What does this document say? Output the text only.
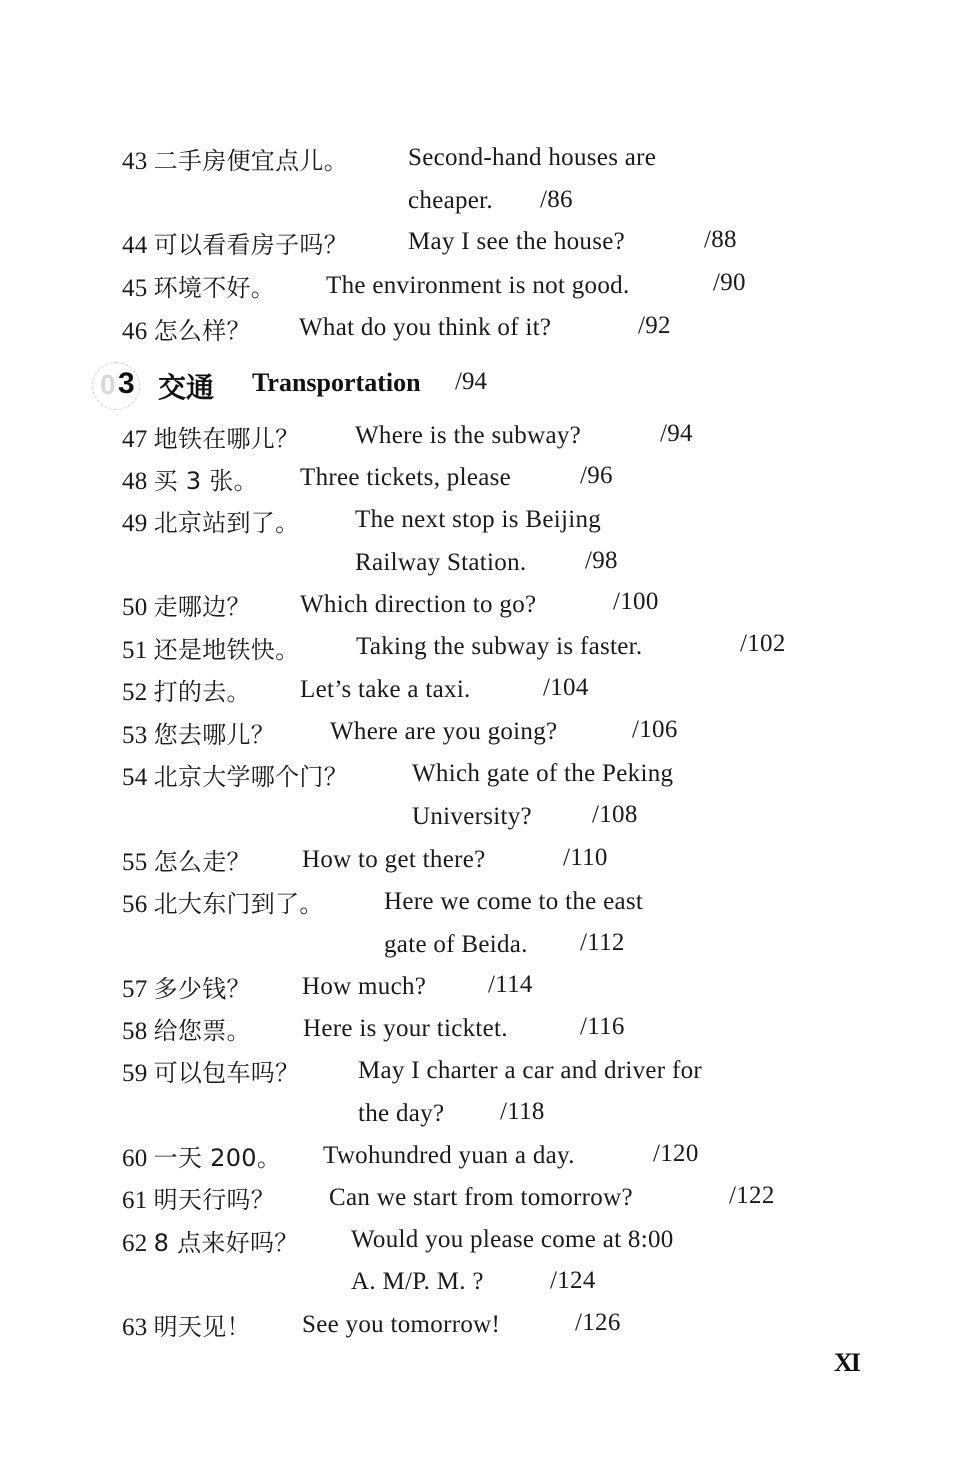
43 二手房便宜点儿。 Second-hand houses are
cheaper. /86
44 可以看看房子吗？ May I see the house?	/88
45 环境不好。 The environment is not good.	/90
46 怎么样？ What do you think of it?	/92
0 3 交通 Transportation /94
47 地铁在哪儿？ Where is the subway?	/94
48 买 3 张。 Three tickets, please	/96
49 北京站到了。 The next stop is Beijing
Railway Station. /98
50 走哪边？ Which direction to go?	/100
51 还是地铁快。 Taking the subway is faster.	/102
52 打的去。 Let’s take a taxi.	/104
53 您去哪儿？ Where are you going?	/106
54 北京大学哪个门？	Which gate of the Peking
University? /108
55 怎么走？ How to get there?	/110
56 北大东门到了。 Here we come to the east
gate of Beida. /112
57 多少钱？ How much? /114
58 给您票。 Here is your ticktet.	/116
59 可以包车吗？ May I charter a car and driver for
the day? /118
60 一天 200。 Twohundred yuan a day.	/120
61 明天行吗？ Can we start from tomorrow?	/122
62 8 点来好吗？ Would you please come at 8:00
A. M/P. M. ?	/124
63 明天见！ See you tomorrow!	/126
XI
